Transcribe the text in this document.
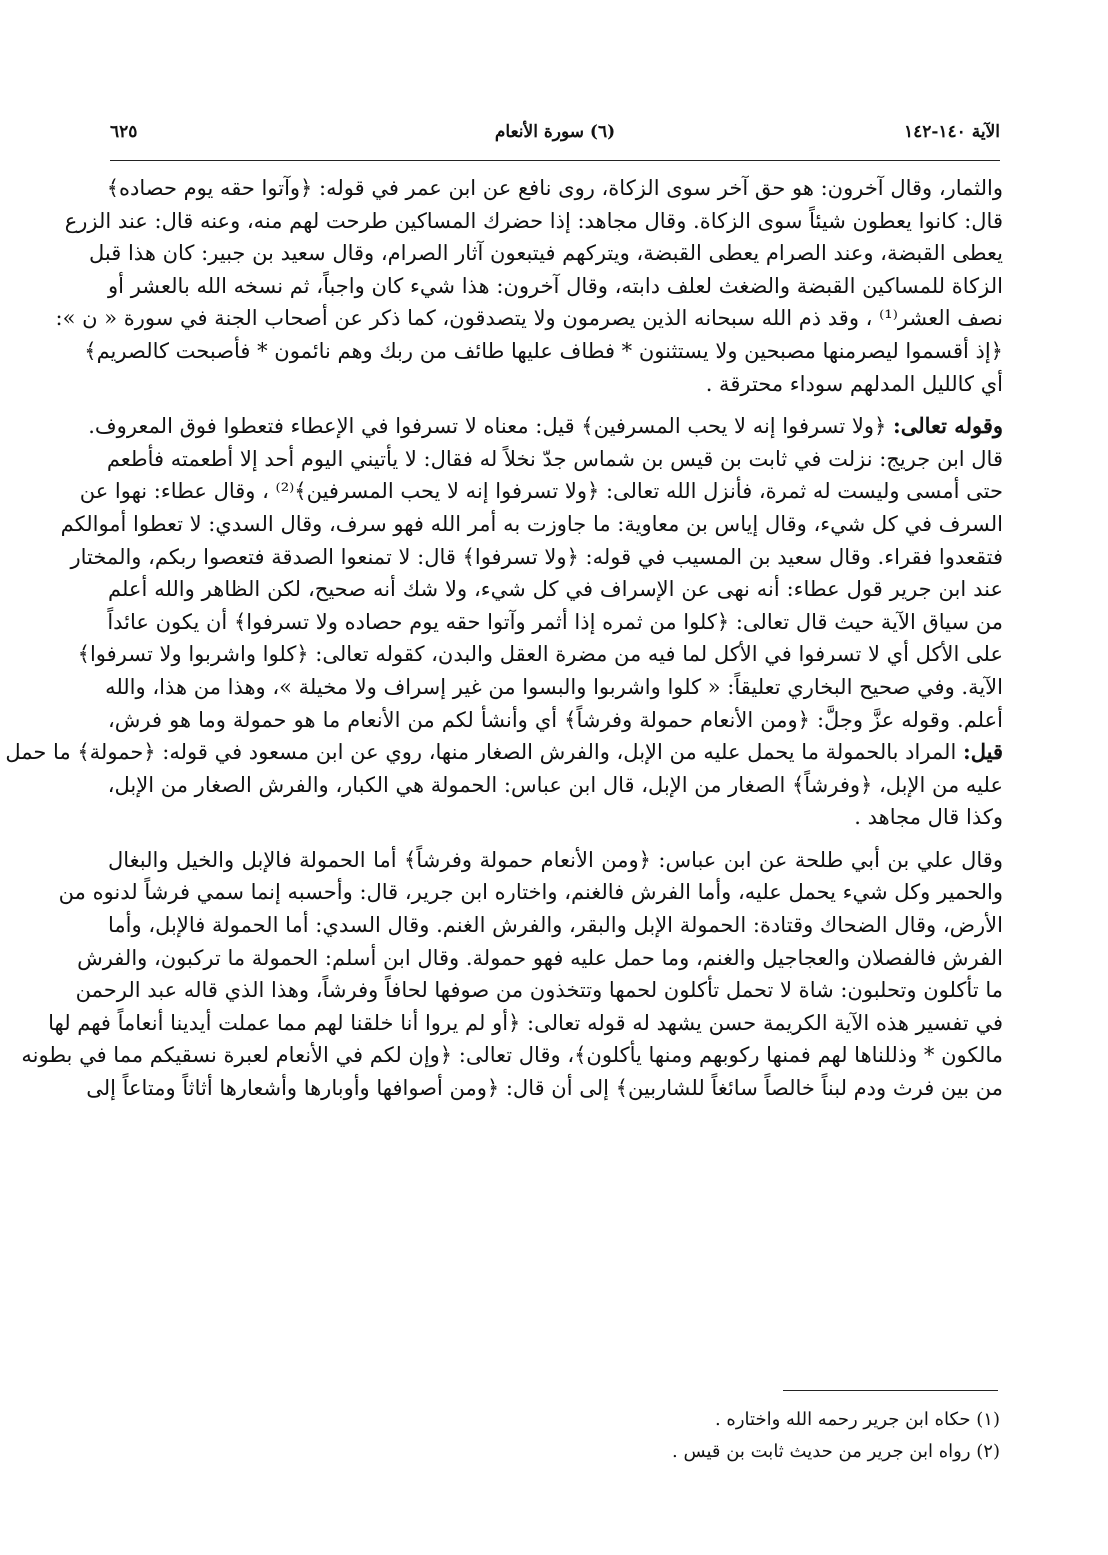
الآية ١٤٠-١٤٢
(٦) سورة الأنعام
٦٢٥
والثمار، وقال آخرون: هو حق آخر سوى الزكاة، روى نافع عن ابن عمر في قوله: ﴿وآتوا حقه يوم حصاده﴾
قال: كانوا يعطون شيئاً سوى الزكاة. وقال مجاهد: إذا حضرك المساكين طرحت لهم منه، وعنه قال: عند الزرع
يعطى القبضة، وعند الصرام يعطى القبضة، ويتركهم فيتبعون آثار الصرام، وقال سعيد بن جبير: كان هذا قبل
الزكاة للمساكين القبضة والضغث لعلف دابته، وقال آخرون: هذا شيء كان واجباً، ثم نسخه الله بالعشر أو
نصف العشر⁽¹⁾ ، وقد ذم الله سبحانه الذين يصرمون ولا يتصدقون، كما ذكر عن أصحاب الجنة في سورة « ن »:
﴿إذ أقسموا ليصرمنها مصبحين ولا يستثنون * فطاف عليها طائف من ربك وهم نائمون * فأصبحت كالصريم﴾
أي كالليل المدلهم سوداء محترقة .
وقوله تعالى: ﴿ولا تسرفوا إنه لا يحب المسرفين﴾ قيل: معناه لا تسرفوا في الإعطاء فتعطوا فوق المعروف.
قال ابن جريج: نزلت في ثابت بن قيس بن شماس جدّ نخلاً له فقال: لا يأتيني اليوم أحد إلا أطعمته فأطعم
حتى أمسى وليست له ثمرة، فأنزل الله تعالى: ﴿ولا تسرفوا إنه لا يحب المسرفين﴾⁽²⁾ ، وقال عطاء: نهوا عن
السرف في كل شيء، وقال إياس بن معاوية: ما جاوزت به أمر الله فهو سرف، وقال السدي: لا تعطوا أموالكم
فتقعدوا فقراء. وقال سعيد بن المسيب في قوله: ﴿ولا تسرفوا﴾ قال: لا تمنعوا الصدقة فتعصوا ربكم، والمختار
عند ابن جرير قول عطاء: أنه نهى عن الإسراف في كل شيء، ولا شك أنه صحيح، لكن الظاهر والله أعلم
من سياق الآية حيث قال تعالى: ﴿كلوا من ثمره إذا أثمر وآتوا حقه يوم حصاده ولا تسرفوا﴾ أن يكون عائداً
على الأكل أي لا تسرفوا في الأكل لما فيه من مضرة العقل والبدن، كقوله تعالى: ﴿كلوا واشربوا ولا تسرفوا﴾
الآية. وفي صحيح البخاري تعليقاً: « كلوا واشربوا والبسوا من غير إسراف ولا مخيلة »، وهذا من هذا، والله
أعلم. وقوله عزَّ وجلَّ: ﴿ومن الأنعام حمولة وفرشاً﴾ أي وأنشأ لكم من الأنعام ما هو حمولة وما هو فرش،
قيل: المراد بالحمولة ما يحمل عليه من الإبل، والفرش الصغار منها، روي عن ابن مسعود في قوله: ﴿حمولة﴾ ما حمل
عليه من الإبل، ﴿وفرشاً﴾ الصغار من الإبل، قال ابن عباس: الحمولة هي الكبار، والفرش الصغار من الإبل،
وكذا قال مجاهد .
وقال علي بن أبي طلحة عن ابن عباس: ﴿ومن الأنعام حمولة وفرشاً﴾ أما الحمولة فالإبل والخيل والبغال
والحمير وكل شيء يحمل عليه، وأما الفرش فالغنم، واختاره ابن جرير، قال: وأحسبه إنما سمي فرشاً لدنوه من
الأرض، وقال الضحاك وقتادة: الحمولة الإبل والبقر، والفرش الغنم. وقال السدي: أما الحمولة فالإبل، وأما
الفرش فالفصلان والعجاجيل والغنم، وما حمل عليه فهو حمولة. وقال ابن أسلم: الحمولة ما تركبون، والفرش
ما تأكلون وتحلبون: شاة لا تحمل تأكلون لحمها وتتخذون من صوفها لحافاً وفرشاً، وهذا الذي قاله عبد الرحمن
في تفسير هذه الآية الكريمة حسن يشهد له قوله تعالى: ﴿أو لم يروا أنا خلقنا لهم مما عملت أيدينا أنعاماً فهم لها
مالكون * وذللناها لهم فمنها ركوبهم ومنها يأكلون﴾، وقال تعالى: ﴿وإن لكم في الأنعام لعبرة نسقيكم مما في بطونه
من بين فرث ودم لبناً خالصاً سائغاً للشاربين﴾ إلى أن قال: ﴿ومن أصوافها وأوبارها وأشعارها أثاثاً ومتاعاً إلى
(١) حكاه ابن جرير رحمه الله واختاره .
(٢) رواه ابن جرير من حديث ثابت بن قيس .
